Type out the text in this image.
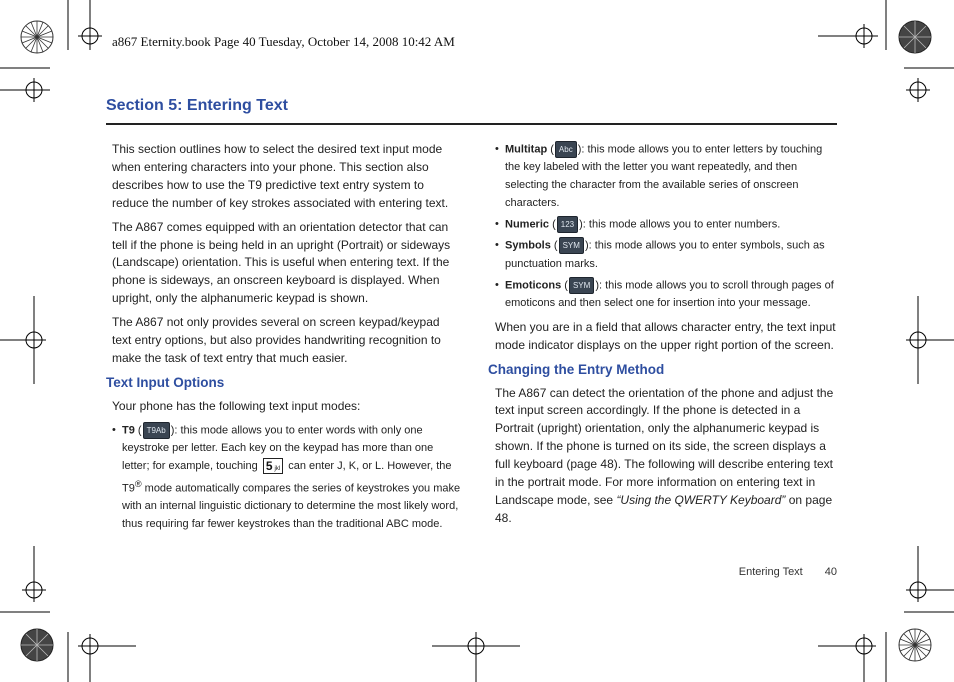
a867 Eternity.book Page 40 Tuesday, October 14, 2008 10:42 AM
Section 5: Entering Text

This section outlines how to select the desired text input mode when entering characters into your phone. This section also describes how to use the T9 predictive text entry system to reduce the number of key strokes associated with entering text.

The A867 comes equipped with an orientation detector that can tell if the phone is being held in an upright (Portrait) or sideways (Landscape) orientation. This is useful when entering text. If the phone is sideways, an onscreen keyboard is displayed. When upright, only the alphanumeric keypad is shown.

The A867 not only provides several on screen keypad/keypad text entry options, but also provides handwriting recognition to make the task of text entry that much easier.

Text Input Options

Your phone has the following text input modes:

• T9 ( T9Ab ): this mode allows you to enter words with only one keystroke per letter. Each key on the keypad has more than one letter; for example, touching 5 jkl can enter J, K, or L. However, the T9® mode automatically compares the series of keystrokes you make with an internal linguistic dictionary to determine the most likely word, thus requiring far fewer keystrokes than the traditional ABC mode.
• Multitap ( Abc ): this mode allows you to enter letters by touching the key labeled with the letter you want repeatedly, and then selecting the character from the available series of onscreen characters.
• Numeric ( 123 ): this mode allows you to enter numbers.
• Symbols ( SYM ): this mode allows you to enter symbols, such as punctuation marks.
• Emoticons ( SYM ): this mode allows you to scroll through pages of emoticons and then select one for insertion into your message.

When you are in a field that allows character entry, the text input mode indicator displays on the upper right portion of the screen.

Changing the Entry Method

The A867 can detect the orientation of the phone and adjust the text input screen accordingly. If the phone is detected in a Portrait (upright) orientation, only the alphanumeric keypad is shown. If the phone is turned on its side, the screen displays a full keyboard (page 48). The following will describe entering text in the portrait mode. For more information on entering text in Landscape mode, see “Using the QWERTY Keyboard” on page 48.

Entering Text 40
